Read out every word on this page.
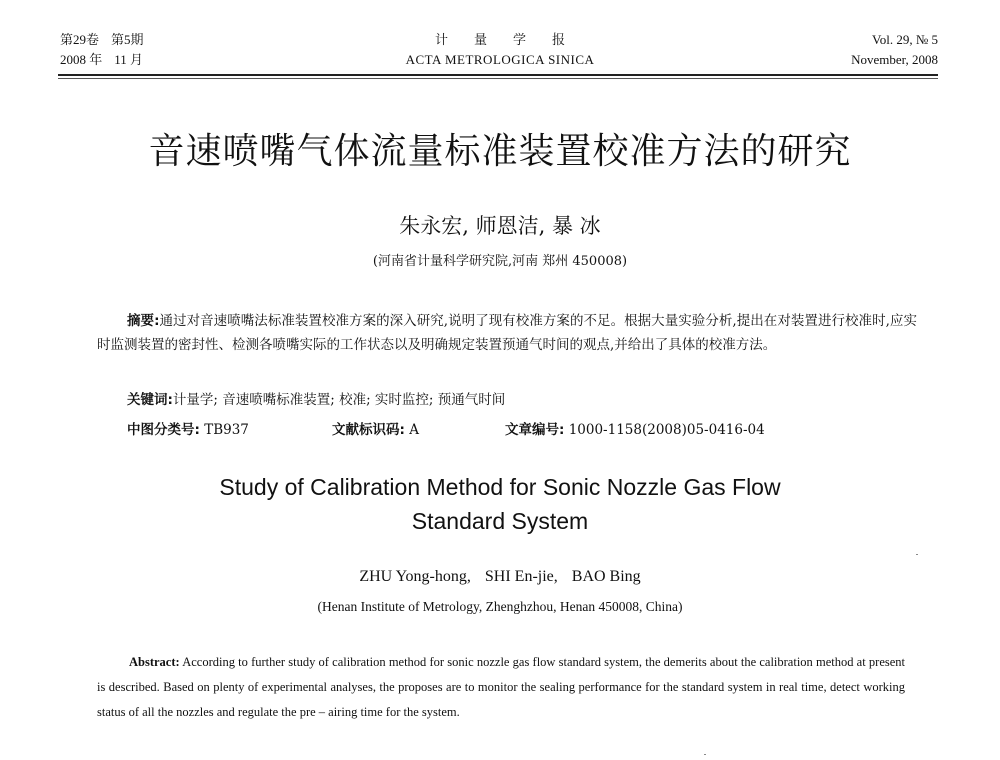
第29卷 第5期
2008 年 11 月
计量学报
ACTA METROLOGICA SINICA
Vol. 29, № 5
November, 2008
音速喷嘴气体流量标准装置校准方法的研究
朱永宏, 师恩洁, 暴 冰
(河南省计量科学研究院,河南 郑州 450008)
摘要:通过对音速喷嘴法标准装置校准方案的深入研究,说明了现有校准方案的不足。根据大量实验分析,提出在对装置进行校准时,应实时监测装置的密封性、检测各喷嘴实际的工作状态以及明确规定装置预通气时间的观点,并给出了具体的校准方法。
关键词:计量学; 音速喷嘴标准装置; 校准; 实时监控; 预通气时间
中图分类号: TB937	文献标识码: A	文章编号: 1000-1158(2008)05-0416-04
Study of Calibration Method for Sonic Nozzle Gas Flow
Standard System
ZHU Yong-hong, SHI En-jie, BAO Bing
(Henan Institute of Metrology, Zhenghzhou, Henan 450008, China)
Abstract: According to further study of calibration method for sonic nozzle gas flow standard system, the demerits about the calibration method at present is described. Based on plenty of experimental analyses, the proposes are to monitor the sealing performance for the standard system in real time, detect working status of all the nozzles and regulate the pre – airing time for the system.
